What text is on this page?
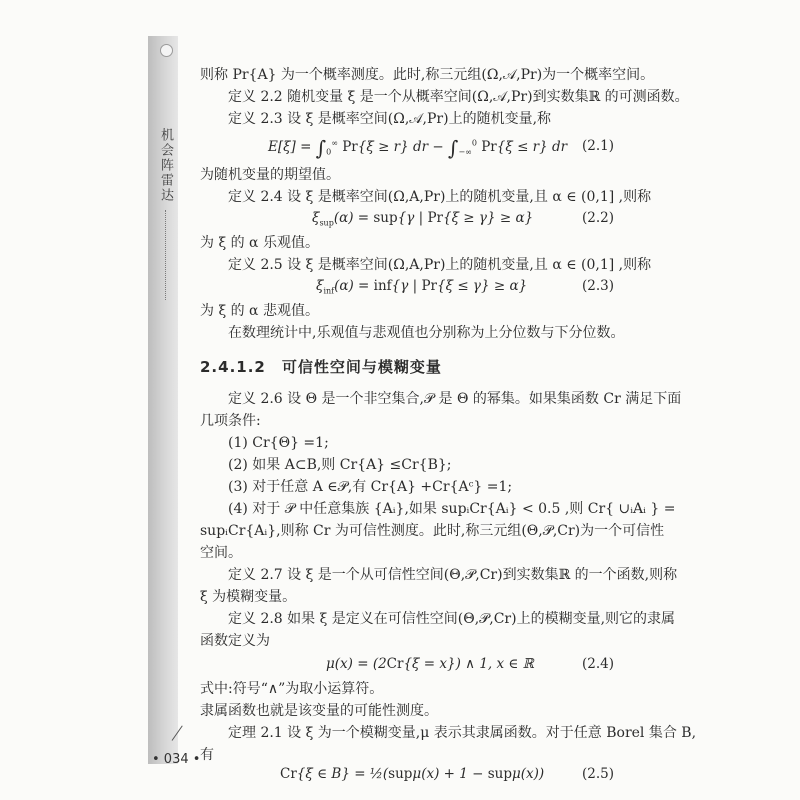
机会阵雷达
则称 Pr{A} 为一个概率测度。此时,称三元组(Ω,𝒜,Pr)为一个概率空间。
定义 2.2 随机变量 ξ 是一个从概率空间(Ω,𝒜,Pr)到实数集ℝ 的可测函数。
定义 2.3 设 ξ 是概率空间(Ω,𝒜,Pr)上的随机变量,称
$E[\xi] = \int_0^\infty$ Pr{ξ ≥ r} dr − $\int_{-\infty}^0$ Pr{ξ ≤ r} dr (2.1)
为随机变量的期望值。
定义 2.4 设 ξ 是概率空间(Ω,A,Pr)上的随机变量,且 α ∈ (0,1] ,则称
$\xi_{sup}(\alpha) = sup\{\gamma$ | Pr{ξ ≥ γ} ≥ α}	(2.2)
为 ξ 的 α 乐观值。
定义 2.5 设 ξ 是概率空间(Ω,A,Pr)上的随机变量,且 α ∈ (0,1] ,则称
$\xi_{inf}(\alpha) = inf\{\gamma$ | Pr{ξ ≤ γ} ≥ α}	(2.3)
为 ξ 的 α 悲观值。
在数理统计中,乐观值与悲观值也分别称为上分位数与下分位数。
2.4.1.2　可信性空间与模糊变量
定义 2.6 设 Θ 是一个非空集合,𝒫 是 Θ 的幂集。如果集函数 Cr 满足下面
几项条件:
(1) Cr{Θ} =1;
(2) 如果 A⊂B,则 Cr{A} ≤Cr{B};
(3) 对于任意 A ∈𝒫,有 Cr{A} +Cr{Aᶜ} =1;
(4) 对于 𝒫 中任意集族 {Aᵢ},如果 supᵢCr{Aᵢ} < 0.5 ,则 Cr{ ∪ᵢAᵢ } =
supᵢCr{Aᵢ},则称 Cr 为可信性测度。此时,称三元组(Θ,𝒫,Cr)为一个可信性
空间。
定义 2.7 设 ξ 是一个从可信性空间(Θ,𝒫,Cr)到实数集ℝ 的一个函数,则称
ξ 为模糊变量。
定义 2.8 如果 ξ 是定义在可信性空间(Θ,𝒫,Cr)上的模糊变量,则它的隶属
函数定义为
μ(x) = (2Cr{ξ = x}) ∧ 1, x ∈ ℝ	(2.4)
式中:符号“∧”为取小运算符。
隶属函数也就是该变量的可能性测度。
定理 2.1 设 ξ 为一个模糊变量,μ 表示其隶属函数。对于任意 Borel 集合 B,
有
Cr{ξ ∈ B} = ½(supμ(x) + 1 − supμ(x))	(2.5)
• 034 •
